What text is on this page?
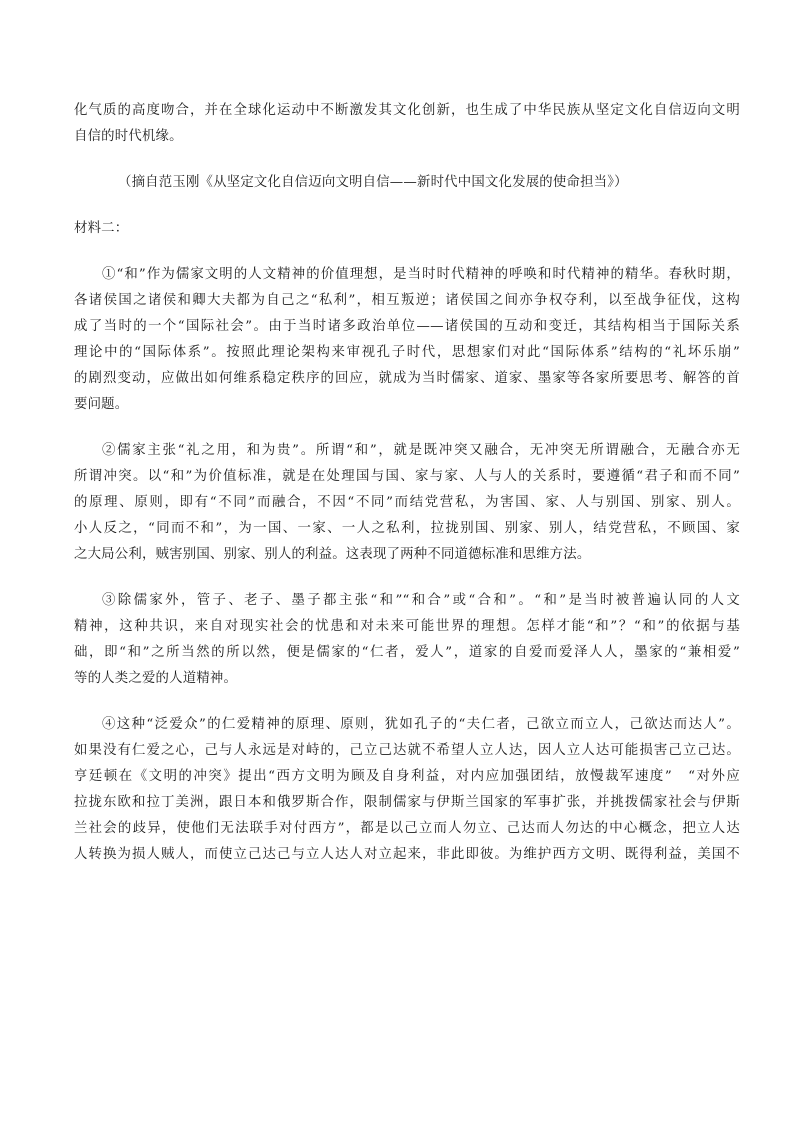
化气质的高度吻合，并在全球化运动中不断激发其文化创新，也生成了中华民族从坚定文化自信迈向文明
自信的时代机缘。
（摘自范玉刚《从坚定文化自信迈向文明自信——新时代中国文化发展的使命担当》）
材料二：
①“和”作为儒家文明的人文精神的价值理想，是当时时代精神的呼唤和时代精神的精华。春秋时期，
各诸侯国之诸侯和卿大夫都为自己之“私利”，相互叛逆；诸侯国之间亦争权夺利，以至战争征伐，这构
成了当时的一个“国际社会”。由于当时诸多政治单位——诸侯国的互动和变迁，其结构相当于国际关系
理论中的“国际体系”。按照此理论架构来审视孔子时代，思想家们对此“国际体系”结构的“礼坏乐崩”
的剧烈变动，应做出如何维系稳定秩序的回应，就成为当时儒家、道家、墨家等各家所要思考、解答的首
要问题。
②儒家主张“礼之用，和为贵”。所谓“和”，就是既冲突又融合，无冲突无所谓融合，无融合亦无
所谓冲突。以“和”为价值标准，就是在处理国与国、家与家、人与人的关系时，要遵循“君子和而不同”
的原理、原则，即有“不同”而融合，不因“不同”而结党营私，为害国、家、人与别国、别家、别人。
小人反之，“同而不和”，为一国、一家、一人之私利，拉拢别国、别家、别人，结党营私，不顾国、家
之大局公利，贼害别国、别家、别人的利益。这表现了两种不同道德标准和思维方法。
③除儒家外，管子、老子、墨子都主张“和”“和合”或“合和”。“和”是当时被普遍认同的人文
精神，这种共识，来自对现实社会的忧患和对未来可能世界的理想。怎样才能“和”？“和”的依据与基
础，即“和”之所当然的所以然，便是儒家的“仁者，爱人”，道家的自爱而爱泽人人，墨家的“兼相爱”
等的人类之爱的人道精神。
④这种“泛爱众”的仁爱精神的原理、原则，犹如孔子的“夫仁者，己欲立而立人，己欲达而达人”。
如果没有仁爱之心，己与人永远是对峙的，己立己达就不希望人立人达，因人立人达可能损害己立己达。
亨廷顿在《文明的冲突》提出“西方文明为顾及自身利益，对内应加强团结，放慢裁军速度”　“对外应
拉拢东欧和拉丁美洲，跟日本和俄罗斯合作，限制儒家与伊斯兰国家的军事扩张，并挑拨儒家社会与伊斯
兰社会的歧异，使他们无法联手对付西方”，都是以己立而人勿立、己达而人勿达的中心概念，把立人达
人转换为损人贼人，而使立己达己与立人达人对立起来，非此即彼。为维护西方文明、既得利益，美国不
